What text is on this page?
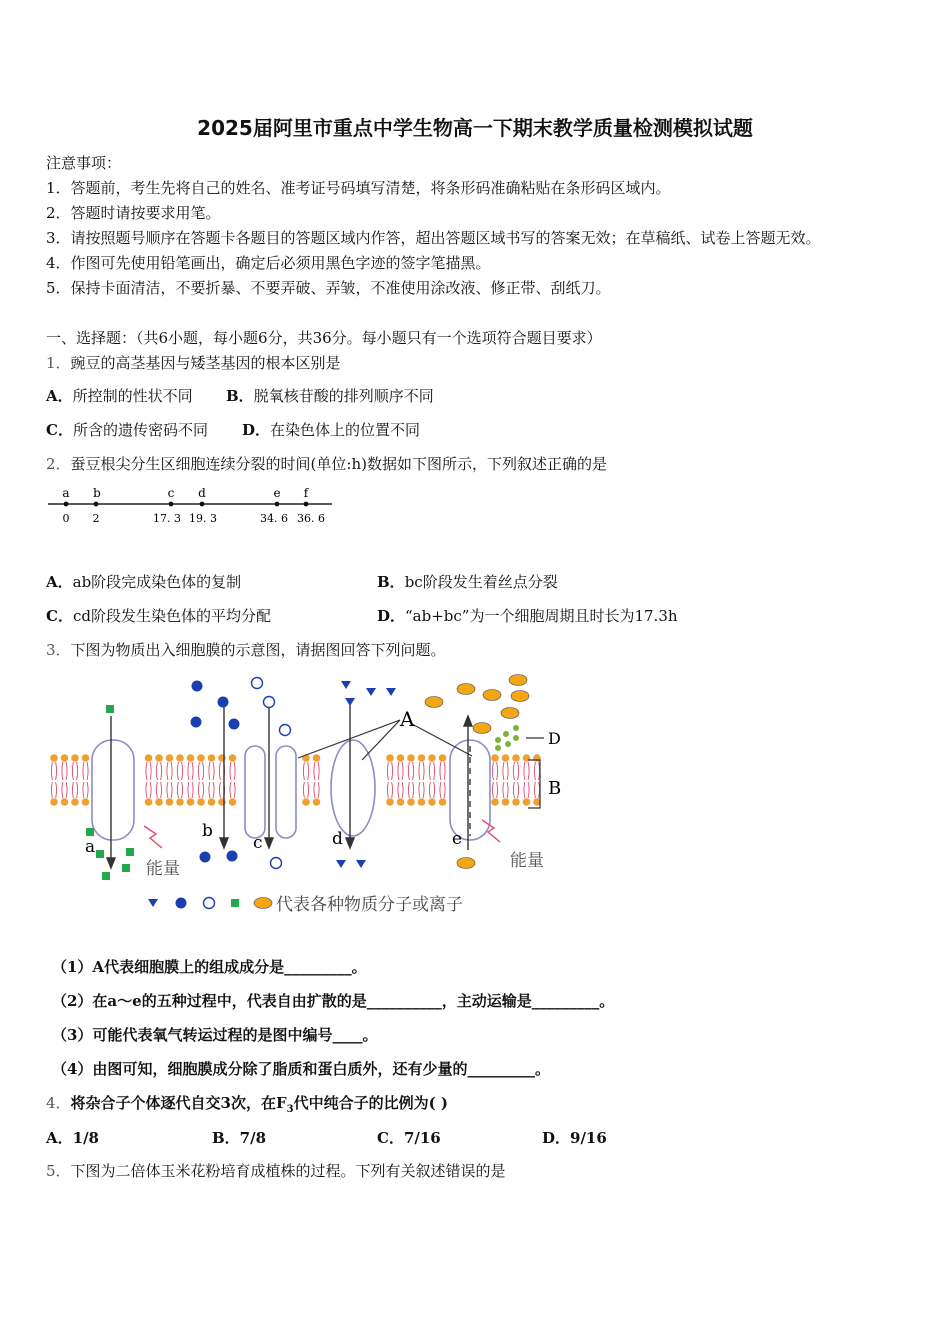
2025届阿里市重点中学生物高一下期末教学质量检测模拟试题
注意事项：
1．答题前，考生先将自己的姓名、准考证号码填写清楚，将条形码准确粘贴在条形码区域内。
2．答题时请按要求用笔。
3．请按照题号顺序在答题卡各题目的答题区域内作答，超出答题区域书写的答案无效；在草稿纸、试卷上答题无效。
4．作图可先使用铅笔画出，确定后必须用黑色字迹的签字笔描黑。
5．保持卡面清洁，不要折暴、不要弄破、弄皱，不准使用涂改液、修正带、刮纸刀。
一、选择题：（共6小题，每小题6分，共36分。每小题只有一个选项符合题目要求）
1．豌豆的高茎基因与矮茎基因的根本区别是
A．所控制的性状不同 B．脱氧核苷酸的排列顺序不同
C．所含的遗传密码不同 D．在染色体上的位置不同
2．蚕豆根尖分生区细胞连续分裂的时间(单位:h)数据如下图所示，下列叙述正确的是
a
0
b
2
c
17. 3
d
19. 3
e
34. 6
f
36. 6
A．ab阶段完成染色体的复制	B．bc阶段发生着丝点分裂
C．cd阶段发生染色体的平均分配	D．“ab+bc”为一个细胞周期且时长为17.3h
3．下图为物质出入细胞膜的示意图，请据图回答下列问题。
A
D
B
a
b
c	d	e
能量	能量
代表各种物质分子或离子
（1）A代表细胞膜上的组成成分是_________。
（2）在a～e的五种过程中，代表自由扩散的是__________，主动运输是_________。
（3）可能代表氧气转运过程的是图中编号____。
（4）由图可知，细胞膜成分除了脂质和蛋白质外，还有少量的_________。
4．将杂合子个体逐代自交3次，在$F_3$代中纯合子的比例为( )
A．1/8	B．7/8	C．7/16	D．9/16
5．下图为二倍体玉米花粉培育成植株的过程。下列有关叙述错误的是
